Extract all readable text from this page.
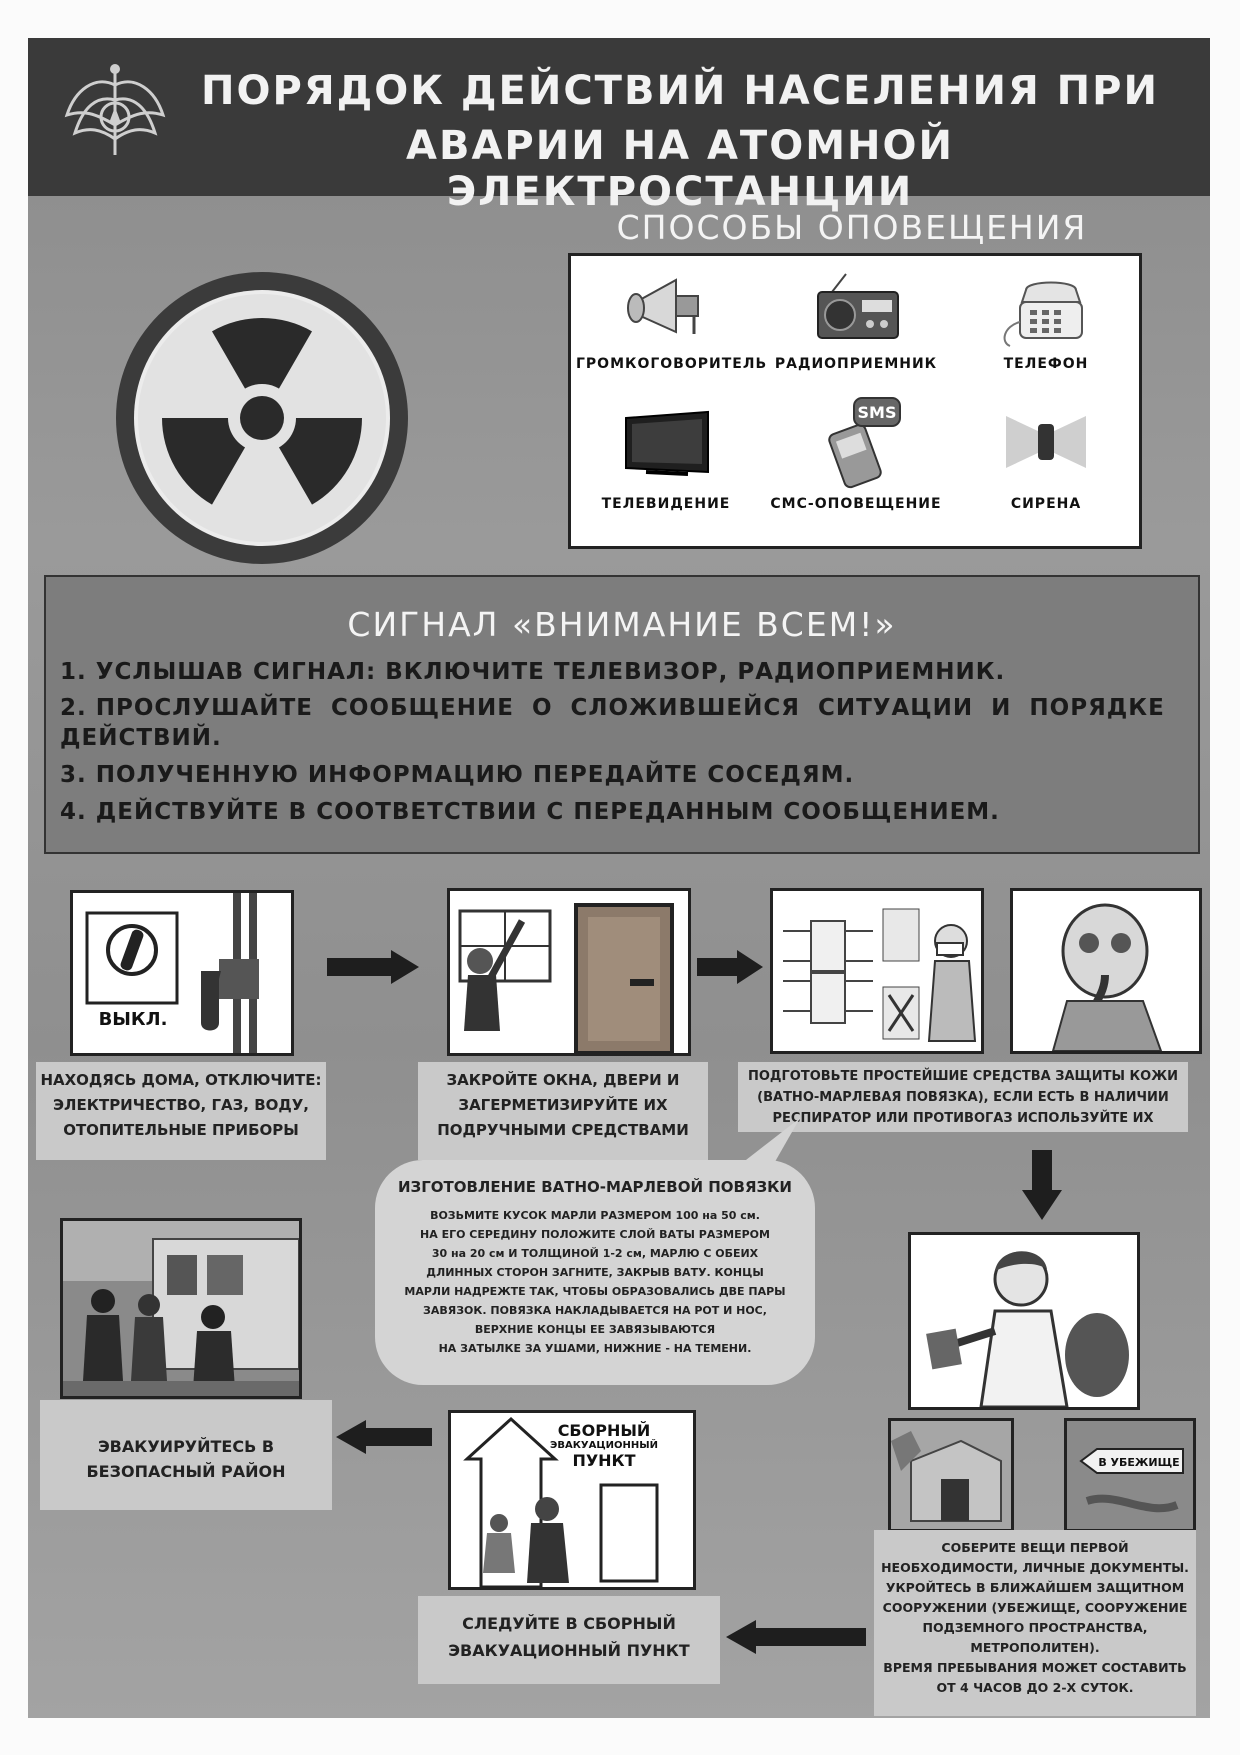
ПОРЯДОК ДЕЙСТВИЙ НАСЕЛЕНИЯ ПРИ
АВАРИИ НА АТОМНОЙ ЭЛЕКТРОСТАНЦИИ
СПОСОБЫ ОПОВЕЩЕНИЯ
ГРОМКОГОВОРИТЕЛЬ РАДИОПРИЕМНИК	ТЕЛЕФОН
ТЕЛЕВИДЕНИЕ
SMS
СМС-ОПОВЕЩЕНИЕ	СИРЕНА
СИГНАЛ «ВНИМАНИЕ ВСЕМ!»
1. УСЛЫШАВ СИГНАЛ: ВКЛЮЧИТЕ ТЕЛЕВИЗОР, РАДИОПРИЕМНИК.
2. ПРОСЛУШАЙТЕ  СООБЩЕНИЕ  О  СЛОЖИВШЕЙСЯ  СИТУАЦИИ  И  ПОРЯДКЕ
ДЕЙСТВИЙ.
3. ПОЛУЧЕННУЮ ИНФОРМАЦИЮ ПЕРЕДАЙТЕ СОСЕДЯМ.
4. ДЕЙСТВУЙТЕ В СООТВЕТСТВИИ С ПЕРЕДАННЫМ СООБЩЕНИЕМ.
ВЫКЛ.
НАХОДЯСЬ ДОМА, ОТКЛЮЧИТЕ:
ЭЛЕКТРИЧЕСТВО, ГАЗ, ВОДУ,
ОТОПИТЕЛЬНЫЕ ПРИБОРЫ
ЗАКРОЙТЕ ОКНА, ДВЕРИ И
ЗАГЕРМЕТИЗИРУЙТЕ ИХ
ПОДРУЧНЫМИ СРЕДСТВАМИ
ПОДГОТОВЬТЕ ПРОСТЕЙШИЕ СРЕДСТВА ЗАЩИТЫ КОЖИ
(ВАТНО-МАРЛЕВАЯ ПОВЯЗКА), ЕСЛИ ЕСТЬ В НАЛИЧИИ
РЕСПИРАТОР ИЛИ ПРОТИВОГАЗ ИСПОЛЬЗУЙТЕ ИХ
ИЗГОТОВЛЕНИЕ ВАТНО-МАРЛЕВОЙ ПОВЯЗКИ
ВОЗЬМИТЕ КУСОК МАРЛИ РАЗМЕРОМ 100 на 50 см.
НА ЕГО СЕРЕДИНУ ПОЛОЖИТЕ СЛОЙ ВАТЫ РАЗМЕРОМ
30 на 20 см И ТОЛЩИНОЙ 1-2 см, МАРЛЮ С ОБЕИХ
ДЛИННЫХ СТОРОН ЗАГНИТЕ, ЗАКРЫВ ВАТУ. КОНЦЫ
МАРЛИ НАДРЕЖТЕ ТАК, ЧТОБЫ ОБРАЗОВАЛИСЬ ДВЕ ПАРЫ
ЗАВЯЗОК. ПОВЯЗКА НАКЛАДЫВАЕТСЯ НА РОТ И НОС,
ВЕРХНИЕ КОНЦЫ ЕЕ ЗАВЯЗЫВАЮТСЯ
НА ЗАТЫЛКЕ ЗА УШАМИ, НИЖНИЕ - НА ТЕМЕНИ.
В УБЕЖИЩЕ
СОБЕРИТЕ ВЕЩИ ПЕРВОЙ
НЕОБХОДИМОСТИ, ЛИЧНЫЕ ДОКУМЕНТЫ.
УКРОЙТЕСЬ В БЛИЖАЙШЕМ ЗАЩИТНОМ
СООРУЖЕНИИ (УБЕЖИЩЕ, СООРУЖЕНИЕ
ПОДЗЕМНОГО ПРОСТРАНСТВА,
МЕТРОПОЛИТЕН).
ВРЕМЯ ПРЕБЫВАНИЯ МОЖЕТ СОСТАВИТЬ
ОТ 4 ЧАСОВ ДО 2-Х СУТОК.
ЭВАКУИРУЙТЕСЬ В
БЕЗОПАСНЫЙ РАЙОН
СБОРНЫЙ
ЭВАКУАЦИОННЫЙ
ПУНКТ
СЛЕДУЙТЕ В СБОРНЫЙ
ЭВАКУАЦИОННЫЙ ПУНКТ
